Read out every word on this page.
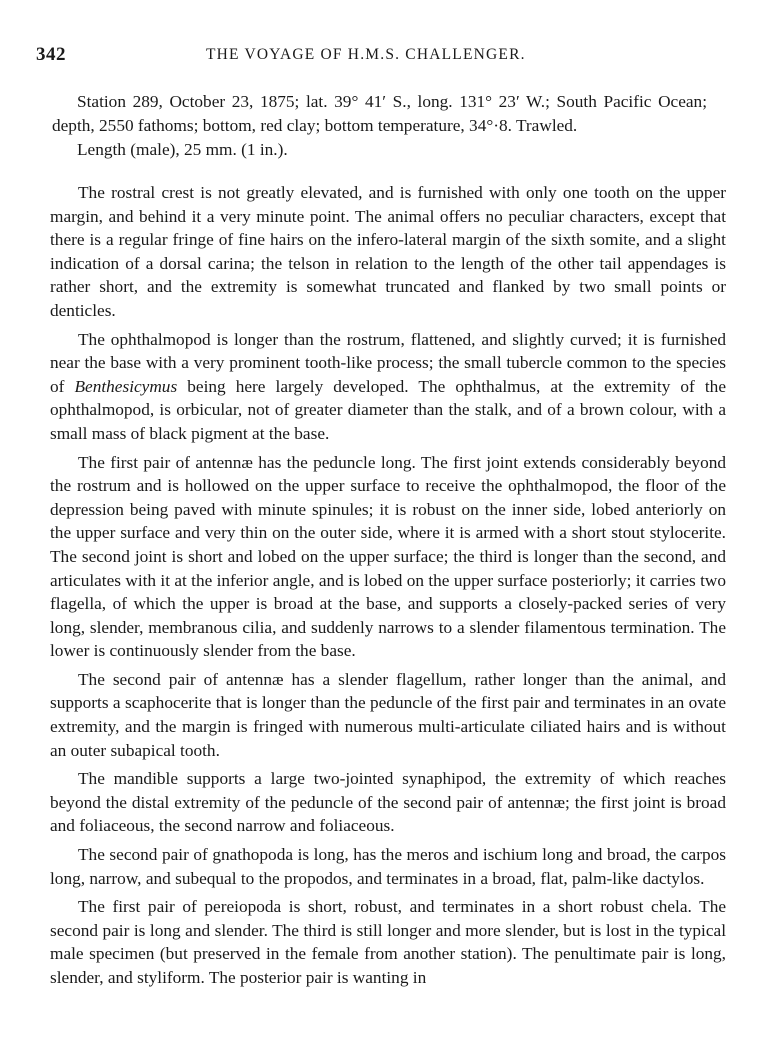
342	THE VOYAGE OF H.M.S. CHALLENGER.

Station 289, October 23, 1875; lat. 39° 41′ S., long. 131° 23′ W.; South Pacific Ocean; depth, 2550 fathoms; bottom, red clay; bottom temperature, 34°·8. Trawled.

Length (male), 25 mm. (1 in.).

The rostral crest is not greatly elevated, and is furnished with only one tooth on the upper margin, and behind it a very minute point. The animal offers no peculiar characters, except that there is a regular fringe of fine hairs on the infero-lateral margin of the sixth somite, and a slight indication of a dorsal carina; the telson in relation to the length of the other tail appendages is rather short, and the extremity is somewhat truncated and flanked by two small points or denticles.

The ophthalmopod is longer than the rostrum, flattened, and slightly curved; it is furnished near the base with a very prominent tooth-like process; the small tubercle common to the species of Benthesicymus being here largely developed. The ophthalmus, at the extremity of the ophthalmopod, is orbicular, not of greater diameter than the stalk, and of a brown colour, with a small mass of black pigment at the base.

The first pair of antennæ has the peduncle long. The first joint extends considerably beyond the rostrum and is hollowed on the upper surface to receive the ophthalmopod, the floor of the depression being paved with minute spinules; it is robust on the inner side, lobed anteriorly on the upper surface and very thin on the outer side, where it is armed with a short stout stylocerite. The second joint is short and lobed on the upper surface; the third is longer than the second, and articulates with it at the inferior angle, and is lobed on the upper surface posteriorly; it carries two flagella, of which the upper is broad at the base, and supports a closely-packed series of very long, slender, membranous cilia, and suddenly narrows to a slender filamentous termination. The lower is continuously slender from the base.

The second pair of antennæ has a slender flagellum, rather longer than the animal, and supports a scaphocerite that is longer than the peduncle of the first pair and terminates in an ovate extremity, and the margin is fringed with numerous multi-articulate ciliated hairs and is without an outer subapical tooth.

The mandible supports a large two-jointed synaphipod, the extremity of which reaches beyond the distal extremity of the peduncle of the second pair of antennæ; the first joint is broad and foliaceous, the second narrow and foliaceous.

The second pair of gnathopoda is long, has the meros and ischium long and broad, the carpos long, narrow, and subequal to the propodos, and terminates in a broad, flat, palm-like dactylos.

The first pair of pereiopoda is short, robust, and terminates in a short robust chela. The second pair is long and slender. The third is still longer and more slender, but is lost in the typical male specimen (but preserved in the female from another station). The penultimate pair is long, slender, and styliform. The posterior pair is wanting in
